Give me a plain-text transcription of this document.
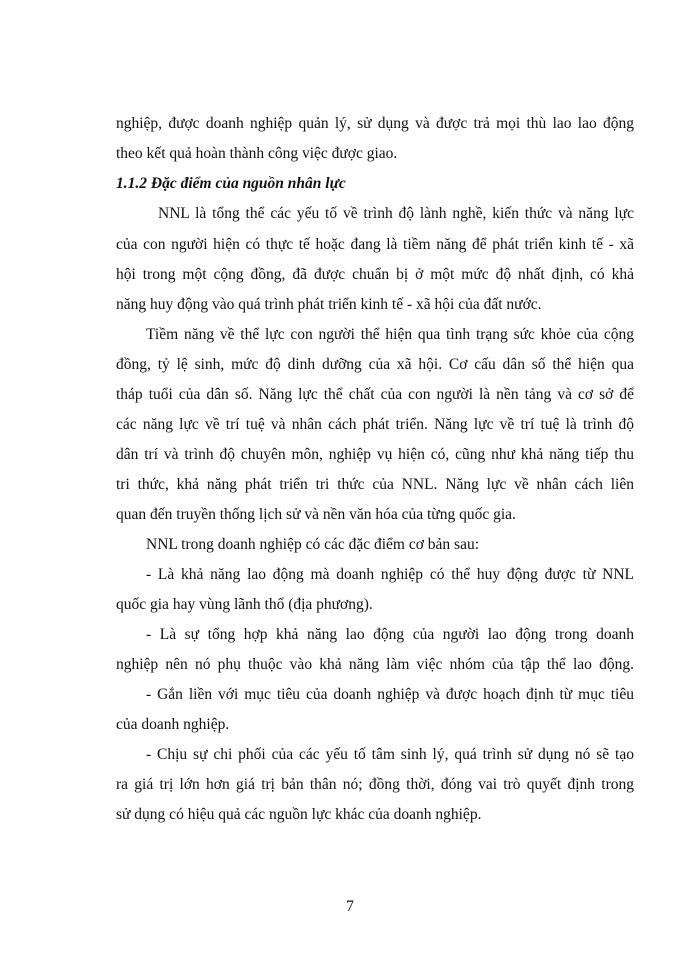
nghiệp, được doanh nghiệp quản lý, sử dụng và được trả mọi thù lao lao động
theo kết quả hoàn thành công việc được giao.
1.1.2 Đặc điểm của nguồn nhân lực
NNL là tổng thể các yếu tố về trình độ lành nghề, kiến thức và năng lực
của con người hiện có thực tế hoặc đang là tiềm năng để phát triển kinh tế - xã
hội trong một cộng đồng, đã được chuẩn bị ở một mức độ nhất định, có khả
năng huy động vào quá trình phát triển kinh tế - xã hội của đất nước.
Tiềm năng về thể lực con người thể hiện qua tình trạng sức khỏe của cộng
đồng, tỷ lệ sinh, mức độ dinh dưỡng của xã hội. Cơ cấu dân số thể hiện qua
tháp tuổi của dân số. Năng lực thể chất của con người là nền tảng và cơ sở để
các năng lực về trí tuệ và nhân cách phát triển. Năng lực về trí tuệ là trình độ
dân trí và trình độ chuyên môn, nghiệp vụ hiện có, cũng như khả năng tiếp thu
tri thức, khả năng phát triển tri thức của NNL. Năng lực về nhân cách liên
quan đến truyền thống lịch sử và nền văn hóa của từng quốc gia.
NNL trong doanh nghiệp có các đặc điểm cơ bản sau:
- Là khả năng lao động mà doanh nghiệp có thể huy động được từ NNL
quốc gia hay vùng lãnh thổ (địa phương).
- Là sự tổng hợp khả năng lao động của người lao động trong doanh
nghiệp nên nó phụ thuộc vào khả năng làm việc nhóm của tập thể lao động.
- Gắn liền với mục tiêu của doanh nghiệp và được hoạch định từ mục tiêu
của doanh nghiệp.
- Chịu sự chi phối của các yếu tố tâm sinh lý, quá trình sử dụng nó sẽ tạo
ra giá trị lớn hơn giá trị bản thân nó; đồng thời, đóng vai trò quyết định trong
sử dụng có hiệu quả các nguồn lực khác của doanh nghiệp.
7
